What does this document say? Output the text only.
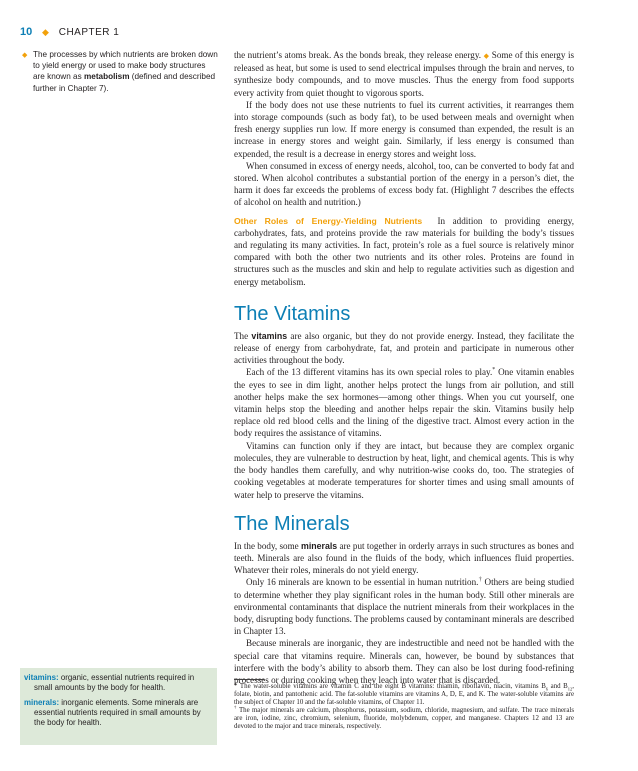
10 ◆ CHAPTER 1
◆ The processes by which nutrients are broken down to yield energy or used to make body structures are known as metabolism (defined and described further in Chapter 7).

the nutrient’s atoms break. As the bonds break, they release energy. ◆ Some of this energy is released as heat, but some is used to send electrical impulses through the brain and nerves, to synthesize body compounds, and to move muscles. Thus the energy from food supports every activity from quiet thought to vigorous sports.

If the body does not use these nutrients to fuel its current activities, it rearranges them into storage compounds (such as body fat), to be used between meals and overnight when fresh energy supplies run low. If more energy is consumed than expended, the result is an increase in energy stores and weight gain. Similarly, if less energy is consumed than expended, the result is a decrease in energy stores and weight loss.

When consumed in excess of energy needs, alcohol, too, can be converted to body fat and stored. When alcohol contributes a substantial portion of the energy in a person’s diet, the harm it does far exceeds the problems of excess body fat. (Highlight 7 describes the effects of alcohol on health and nutrition.)

Other Roles of Energy-Yielding Nutrients In addition to providing energy, carbohydrates, fats, and proteins provide the raw materials for building the body’s tissues and regulating its many activities. In fact, protein’s role as a fuel source is relatively minor compared with both the other two nutrients and its other roles. Proteins are found in structures such as the muscles and skin and help to regulate activities such as digestion and energy metabolism.

The Vitamins

The vitamins are also organic, but they do not provide energy. Instead, they facilitate the release of energy from carbohydrate, fat, and protein and participate in numerous other activities throughout the body.

Each of the 13 different vitamins has its own special roles to play.* One vitamin enables the eyes to see in dim light, another helps protect the lungs from air pollution, and still another helps make the sex hormones—among other things. When you cut yourself, one vitamin helps stop the bleeding and another helps repair the skin. Vitamins busily help replace old red blood cells and the lining of the digestive tract. Almost every action in the body requires the assistance of vitamins.

Vitamins can function only if they are intact, but because they are complex organic molecules, they are vulnerable to destruction by heat, light, and chemical agents. This is why the body handles them carefully, and why nutrition-wise cooks do, too. The strategies of cooking vegetables at moderate temperatures for shorter times and using small amounts of water help to preserve the vitamins.

The Minerals

In the body, some minerals are put together in orderly arrays in such structures as bones and teeth. Minerals are also found in the fluids of the body, which influences fluid properties. Whatever their roles, minerals do not yield energy.

Only 16 minerals are known to be essential in human nutrition.† Others are being studied to determine whether they play significant roles in the human body. Still other minerals are environmental contaminants that displace the nutrient minerals from their workplaces in the body, disrupting body functions. The problems caused by contaminant minerals are described in Chapter 13.

Because minerals are inorganic, they are indestructible and need not be handled with the special care that vitamins require. Minerals can, however, be bound by substances that interfere with the body’s ability to absorb them. They can also be lost during food-refining processes or during cooking when they leach into water that is discarded.

vitamins: organic, essential nutrients required in small amounts by the body for health.
minerals: inorganic elements. Some minerals are essential nutrients required in small amounts by the body for health.

* The water-soluble vitamins are vitamin C and the eight B vitamins: thiamin, riboflavin, niacin, vitamins $B_6$ and $B_{12}$, folate, biotin, and pantothenic acid. The fat-soluble vitamins are vitamins A, D, E, and K. The water-soluble vitamins are the subject of Chapter 10 and the fat-soluble vitamins, of Chapter 11.

† The major minerals are calcium, phosphorus, potassium, sodium, chloride, magnesium, and sulfate. The trace minerals are iron, iodine, zinc, chromium, selenium, fluoride, molybdenum, copper, and manganese. Chapters 12 and 13 are devoted to the major and trace minerals, respectively.
